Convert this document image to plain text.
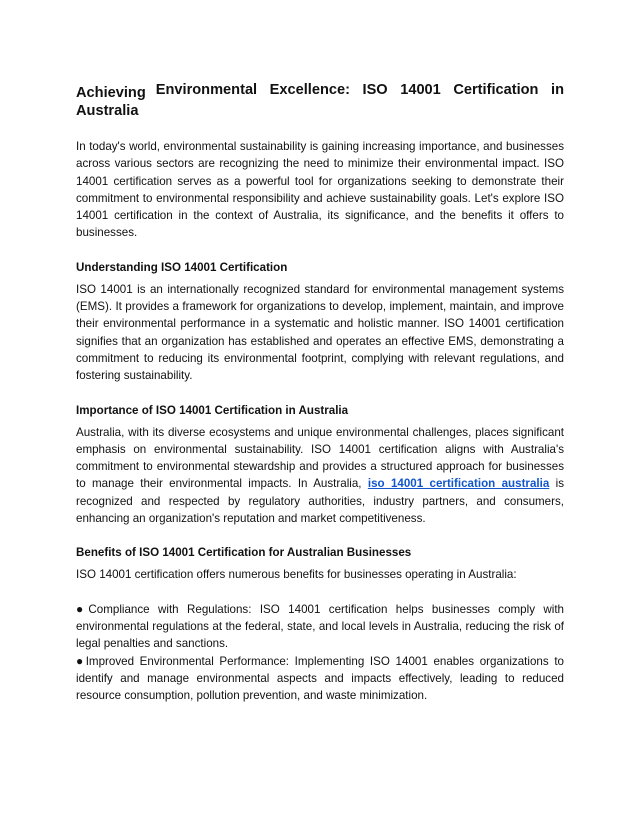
Achieving Environmental Excellence: ISO 14001 Certification in Australia

In today's world, environmental sustainability is gaining increasing importance, and businesses across various sectors are recognizing the need to minimize their environmental impact. ISO 14001 certification serves as a powerful tool for organizations seeking to demonstrate their commitment to environmental responsibility and achieve sustainability goals. Let's explore ISO 14001 certification in the context of Australia, its significance, and the benefits it offers to businesses.

Understanding ISO 14001 Certification

ISO 14001 is an internationally recognized standard for environmental management systems (EMS). It provides a framework for organizations to develop, implement, maintain, and improve their environmental performance in a systematic and holistic manner. ISO 14001 certification signifies that an organization has established and operates an effective EMS, demonstrating a commitment to reducing its environmental footprint, complying with relevant regulations, and fostering sustainability.

Importance of ISO 14001 Certification in Australia

Australia, with its diverse ecosystems and unique environmental challenges, places significant emphasis on environmental sustainability. ISO 14001 certification aligns with Australia's commitment to environmental stewardship and provides a structured approach for businesses to manage their environmental impacts. In Australia, iso 14001 certification australia is recognized and respected by regulatory authorities, industry partners, and consumers, enhancing an organization's reputation and market competitiveness.

Benefits of ISO 14001 Certification for Australian Businesses

ISO 14001 certification offers numerous benefits for businesses operating in Australia:

●Compliance with Regulations: ISO 14001 certification helps businesses comply with environmental regulations at the federal, state, and local levels in Australia, reducing the risk of legal penalties and sanctions.
●Improved Environmental Performance: Implementing ISO 14001 enables organizations to identify and manage environmental aspects and impacts effectively, leading to reduced resource consumption, pollution prevention, and waste minimization.
